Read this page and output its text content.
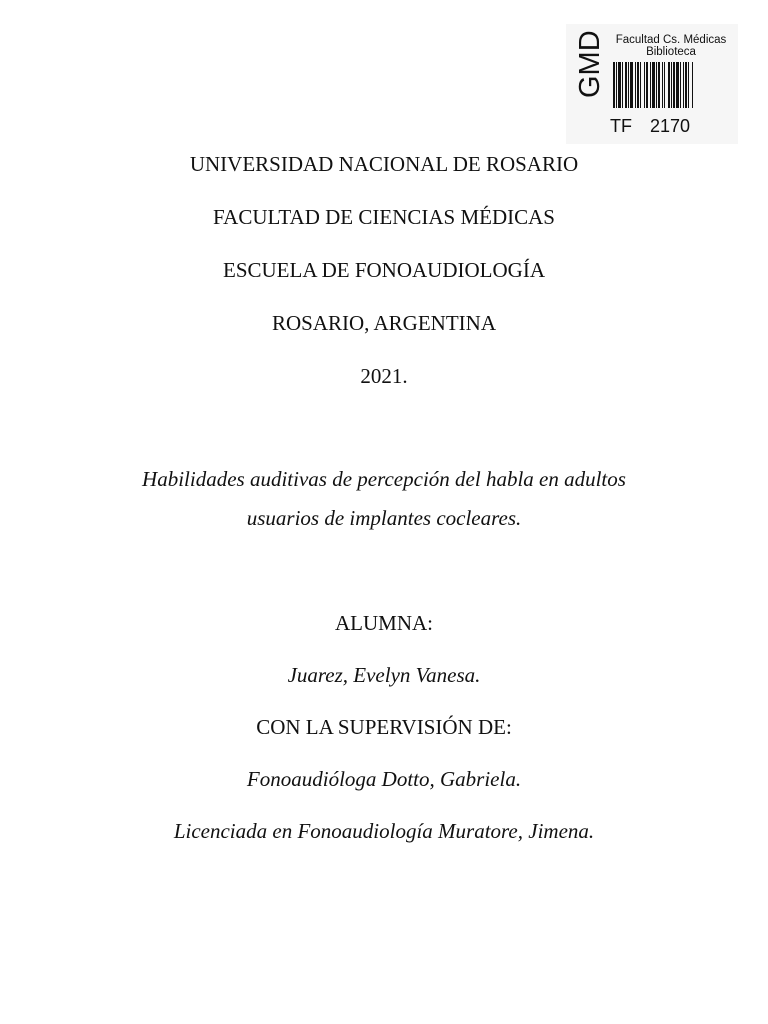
GMD Facultad Cs. Médicas
Biblioteca
TF 2170
UNIVERSIDAD NACIONAL DE ROSARIO
FACULTAD DE CIENCIAS MÉDICAS
ESCUELA DE FONOAUDIOLOGÍA
ROSARIO, ARGENTINA
2021.
Habilidades auditivas de percepción del habla en adultos
usuarios de implantes cocleares.
ALUMNA:
Juarez, Evelyn Vanesa.
CON LA SUPERVISIÓN DE:
Fonoaudióloga Dotto, Gabriela.
Licenciada en Fonoaudiología Muratore, Jimena.
